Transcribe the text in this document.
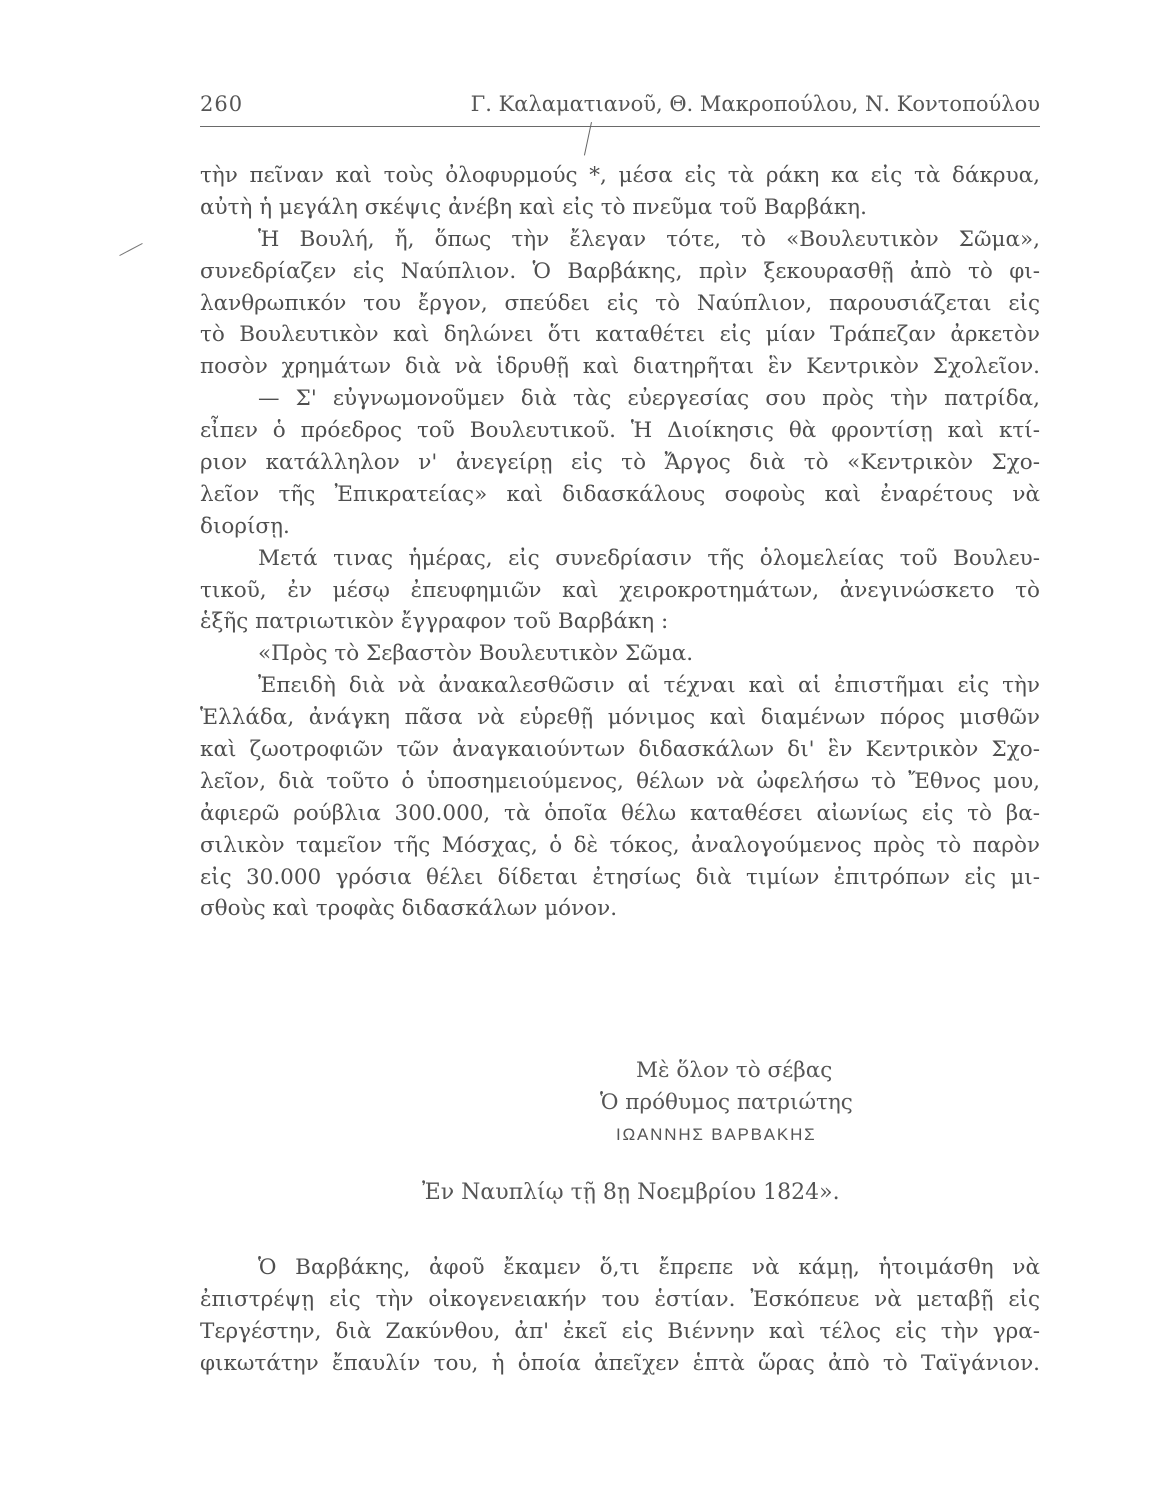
260	Γ. Καλαματιανοῦ, Θ. Μακροπούλου, Ν. Κοντοπούλου
τὴν πεῖναν καὶ τοὺς ὀλοφυρμούς *, μέσα εἰς τὰ ράκη κα εἰς τὰ δάκρυα,
αὐτὴ ἡ μεγάλη σκέψις ἀνέβη καὶ εἰς τὸ πνεῦμα τοῦ Βαρβάκη.
Ἡ Βουλή, ἤ, ὅπως τὴν ἔλεγαν τότε, τὸ «Βουλευτικὸν Σῶμα»,
συνεδρίαζεν εἰς Ναύπλιον. Ὁ Βαρβάκης, πρὶν ξεκουρασθῇ ἀπὸ τὸ φι-
λανθρωπικόν του ἔργον, σπεύδει εἰς τὸ Ναύπλιον, παρουσιάζεται εἰς
τὸ Βουλευτικὸν καὶ δηλώνει ὅτι καταθέτει εἰς μίαν Τράπεζαν ἀρκετὸν
ποσὸν χρημάτων διὰ νὰ ἱδρυθῇ καὶ διατηρῆται ἓν Κεντρικὸν Σχολεῖον.
— Σ' εὐγνωμονοῦμεν διὰ τὰς εὐεργεσίας σου πρὸς τὴν πατρίδα,
εἶπεν ὁ πρόεδρος τοῦ Βουλευτικοῦ. Ἡ Διοίκησις θὰ φροντίσῃ καὶ κτί-
ριον κατάλληλον ν' ἀνεγείρῃ εἰς τὸ Ἄργος διὰ τὸ «Κεντρικὸν Σχο-
λεῖον τῆς Ἐπικρατείας» καὶ διδασκάλους σοφοὺς καὶ ἐναρέτους νὰ
διορίσῃ.
Μετά τινας ἡμέρας, εἰς συνεδρίασιν τῆς ὁλομελείας τοῦ Βουλευ-
τικοῦ, ἐν μέσῳ ἐπευφημιῶν καὶ χειροκροτημάτων, ἀνεγινώσκετο τὸ
ἑξῆς πατριωτικὸν ἔγγραφον τοῦ Βαρβάκη :
«Πρὸς τὸ Σεβαστὸν Βουλευτικὸν Σῶμα.
Ἐπειδὴ διὰ νὰ ἀνακαλεσθῶσιν αἱ τέχναι καὶ αἱ ἐπιστῆμαι εἰς τὴν
Ἑλλάδα, ἀνάγκη πᾶσα νὰ εὑρεθῇ μόνιμος καὶ διαμένων πόρος μισθῶν
καὶ ζωοτροφιῶν τῶν ἀναγκαιούντων διδασκάλων δι' ἓν Κεντρικὸν Σχο-
λεῖον, διὰ τοῦτο ὁ ὑποσημειούμενος, θέλων νὰ ὠφελήσω τὸ Ἔθνος μου,
ἀφιερῶ ρούβλια 300.000, τὰ ὁποῖα θέλω καταθέσει αἰωνίως εἰς τὸ βα-
σιλικὸν ταμεῖον τῆς Μόσχας, ὁ δὲ τόκος, ἀναλογούμενος πρὸς τὸ παρὸν
εἰς 30.000 γρόσια θέλει δίδεται ἐτησίως διὰ τιμίων ἐπιτρόπων εἰς μι-
σθοὺς καὶ τροφὰς διδασκάλων μόνον.
Μὲ ὅλον τὸ σέβας
Ὁ πρόθυμος πατριώτης
ΙΩΑΝΝΗΣ ΒΑΡΒΑΚΗΣ
Ἐν Ναυπλίῳ τῇ 8ῃ Νοεμβρίου 1824».
Ὁ Βαρβάκης, ἀφοῦ ἔκαμεν ὅ,τι ἔπρεπε νὰ κάμῃ, ἡτοιμάσθη νὰ
ἐπιστρέψῃ εἰς τὴν οἰκογενειακήν του ἑστίαν. Ἐσκόπευε νὰ μεταβῇ εἰς
Τεργέστην, διὰ Ζακύνθου, ἀπ' ἐκεῖ εἰς Βιέννην καὶ τέλος εἰς τὴν γρα-
φικωτάτην ἔπαυλίν του, ἡ ὁποία ἀπεῖχεν ἑπτὰ ὥρας ἀπὸ τὸ Ταϊγάνιον.
